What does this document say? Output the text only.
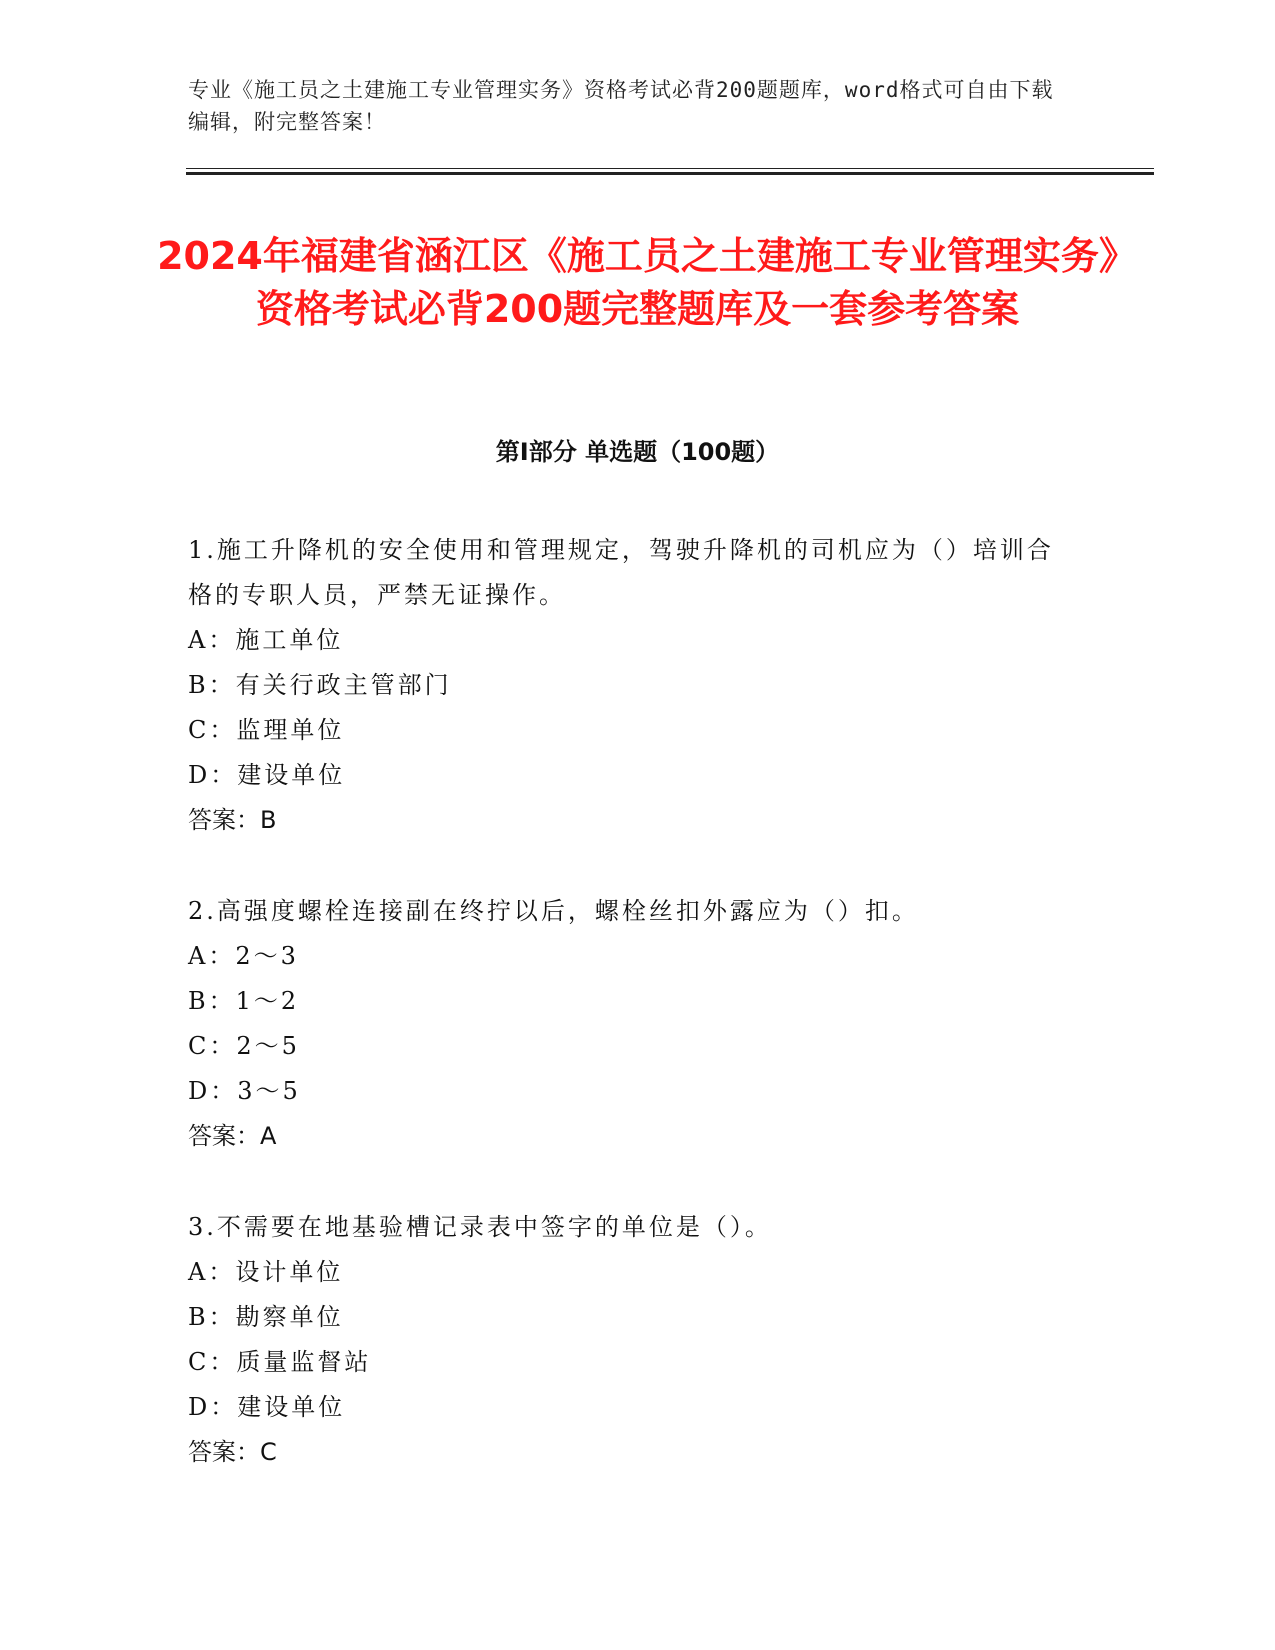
专业《施工员之土建施工专业管理实务》资格考试必背200题题库，word格式可自由下载编辑，附完整答案！
2024年福建省涵江区《施工员之土建施工专业管理实务》资格考试必背200题完整题库及一套参考答案
第I部分 单选题（100题）
1.施工升降机的安全使用和管理规定，驾驶升降机的司机应为（）培训合格的专职人员，严禁无证操作。
A：施工单位
B：有关行政主管部门
C：监理单位
D：建设单位
答案：B
2.高强度螺栓连接副在终拧以后，螺栓丝扣外露应为（）扣。
A：2～3
B：1～2
C：2～5
D：3～5
答案：A
3.不需要在地基验槽记录表中签字的单位是（）。
A：设计单位
B：勘察单位
C：质量监督站
D：建设单位
答案：C
